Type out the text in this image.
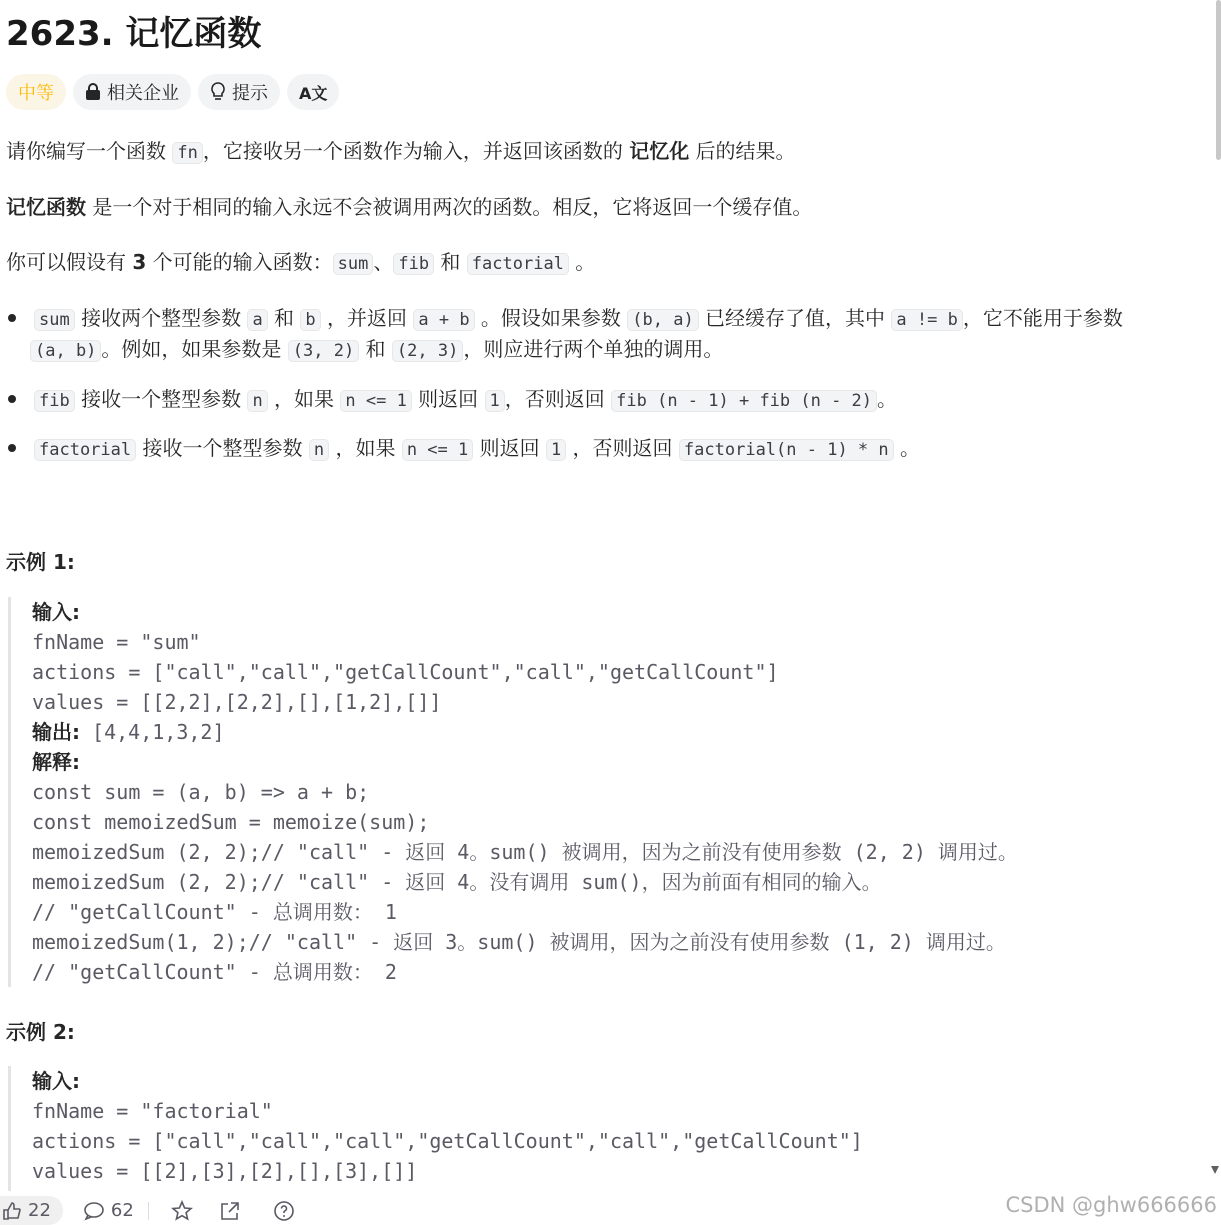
2623. 记忆函数
中等	相关企业	提示 A文

请你编写一个函数 fn ，它接收另一个函数作为输入，并返回该函数的 记忆化 后的结果。

记忆函数 是一个对于相同的输入永远不会被调用两次的函数。相反，它将返回一个缓存值。

你可以假设有 3 个可能的输入函数： sum 、 fib 和 factorial 。

sum 接收两个整型参数 a 和 b ，并返回 a + b 。假设如果参数 (b, a) 已经缓存了值，其中 a != b ，它不能用于参数

(a, b) 。例如，如果参数是 (3, 2) 和 (2, 3) ，则应进行两个单独的调用。

fib 接收一个整型参数 n ，如果 n <= 1 则返回 1 ，否则返回 fib (n - 1) + fib (n - 2) 。

factorial 接收一个整型参数 n ，如果 n <= 1 则返回 1 ，否则返回 factorial(n - 1) * n 。

示例 1:
输入:
fnName = "sum"
actions = ["call","call","getCallCount","call","getCallCount"]
values = [[2,2],[2,2],[],[1,2],[]]
输出: [4,4,1,3,2]
解释:
const sum = (a, b) => a + b;
const memoizedSum = memoize(sum);
memoizedSum (2, 2);// "call" - 返回 4。sum() 被调用，因为之前没有使用参数 (2, 2) 调用过。
memoizedSum (2, 2);// "call" - 返回 4。没有调用 sum()，因为前面有相同的输入。
// "getCallCount" - 总调用数： 1
memoizedSum(1, 2);// "call" - 返回 3。sum() 被调用，因为之前没有使用参数 (1, 2) 调用过。
// "getCallCount" - 总调用数： 2
示例 2:
输入:
fnName = "factorial"
actions = ["call","call","call","getCallCount","call","getCallCount"]
values = [[2],[3],[2],[],[3],[]]
22	62	CSDN @ghw666666
